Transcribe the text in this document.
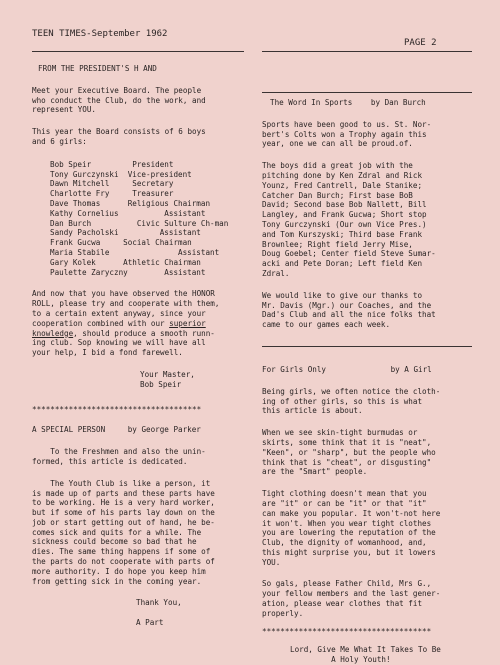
TEEN TIMES-September 1962
PAGE 2
FROM THE PRESIDENT'S H AND
Meet your Executive Board. The people
who conduct the Club, do the work, and
represent YOU.
This year the Board consists of 6 boys
and 6 girls:
Bob Speir         President
Tony Gurczynski  Vice-president
Dawn Mitchell     Secretary
Charlotte Fry     Treasurer
Dave Thomas      Religious Chairman
Kathy Cornelius          Assistant
Dan Burch          Civic Sulture Ch-man
Sandy Pacholski         Assistant
Frank Gucwa     Social Chairman
Maria Stabile               Assistant
Gary Kolek      Athletic Chairman
Paulette Zaryczny        Assistant
And now that you have observed the HONOR
ROLL, please try and cooperate with them,
to a certain extent anyway, since your
cooperation combined with our superior
knowledge, should produce a smooth runn-
ing club. Sop knowing we will have all
your help, I bid a fond farewell.
Your Master,
Bob Speir
*************************************
A SPECIAL PERSON	by George Parker
To the Freshmen and also the unin-
formed, this article is dedicated.
The Youth Club is like a person, it
is made up of parts and these parts have
to be working. He is a very hard worker,
but if some of his parts lay down on the
job or start getting out of hand, he be-
comes sick and quits for a while. The
sickness could become so bad that he
dies. The same thing happens if some of
the parts do not cooperate with parts of
more authority. I do hope you keep him
from getting sick in the coming year.
Thank You,

A Part
The Word In Sports by Dan Burch
Sports have been good to us. St. Nor-
bert's Colts won a Trophy again this
year, one we can all be proud.of.
The boys did a great job with the
pitching done by Ken Zdral and Rick
Younz, Fred Cantrell, Dale Stanike;
Catcher Dan Burch; First base BoB
David; Second base Bob Nallett, Bill
Langley, and Frank Gucwa; Short stop
Tony Gurczynski (Our own Vice Pres.)
and Tom Kurszyski; Third base Frank
Brownlee; Right field Jerry Mise,
Doug Goebel; Center field Steve Sumar-
acki and Pete Doran; Left field Ken
Zdral.
We would like to give our thanks to
Mr. Davis (Mgr.) our Coaches, and the
Dad's Club and all the nice folks that
came to our games each week.
For Girls Only	by A Girl
Being girls, we often notice the cloth-
ing of other girls, so this is what
this article is about.
When we see skin-tight burmudas or
skirts, some think that it is "neat",
"Keen", or "sharp", but the people who
think that is "cheat", or disgusting"
are the "Smart" people.
Tight clothing doesn't mean that you
are "it" or can be "it" or that "it"
can make you popular. It won't-not here
it won't. When you wear tight clothes
you are lowering the reputation of the
Club, the dignity of womanhood, and,
this might surprise you, but it lowers
YOU.
So gals, please Father Child, Mrs G.,
your fellow members and the last gener-
ation, please wear clothes that fit
properly.
*************************************
Lord, Give Me What It Takes To Be
A Holy Youth!
